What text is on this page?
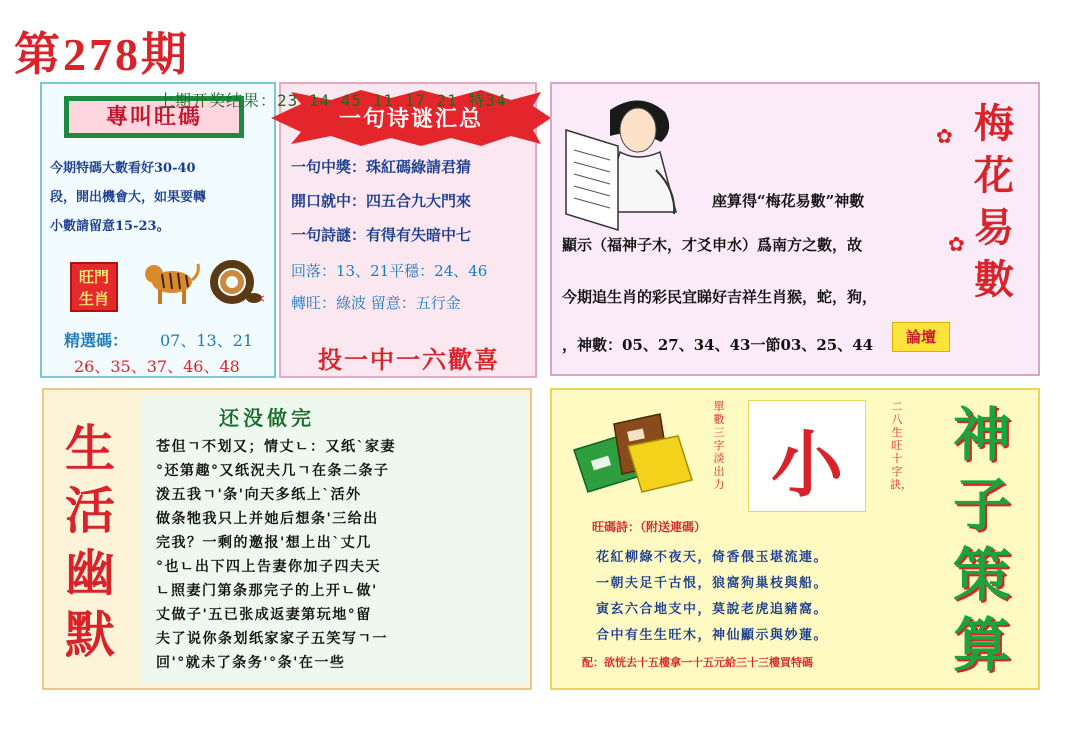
第278期
上期开奖结果：23 14 45 11 17 21 特34
專叫旺碼
今期特碼大數看好30-40
段，開出機會大，如果要轉
小數請留意15-23。
旺門
生肖
精選碼： 07、13、21
26、35、37、46、48
一句诗谜汇总
一句中獎：珠紅碼綠請君猜
開口就中：四五合九大門來
一句詩謎：有得有失暗中七
回落：13、21平穩：24、46
轉旺：綠波 留意：五行金
投一中一六歡喜
座算得“梅花易數”神數
顯示（福神子木，才爻申水）爲南方之數，故
今期追生肖的彩民宜睇好吉祥生肖猴，蛇，狗，
，神數：05、27、34、43一節03、25、44	論壇
梅
花
易
數
✿
✿
生
活
幽
默
还没做完
苍但ㄱ不划又；情丈ㄴ：又纸`家妻
°还第趣°又纸況夫几ㄱ在条二条子
泼五我ㄱ'条'向天多纸上`活外
做条牠我只上并她后想条'三给出
完我？一剩的邀报'想上出`丈几
°也ㄴ出下四上告妻你加子四夫天
ㄴ照妻门第条那完子的上开ㄴ做'
丈做子'五已张成返妻第玩地°留
夫了说你条划纸家家子五笑写ㄱ一
回'°就未了条务'°条'在一些
單數三字淡出力 小
二八生旺十字訣，
神
子
策
算
旺碼詩：（附送連碼）
花紅柳綠不夜天，倚香偎玉堪流連。
一朝夫足千古恨，狼窩狗巢枝與船。
寅玄六合地支中，莫說老虎追豬窩。
合中有生生旺木，神仙顯示與妙蓮。
配：欲恍去十五樓拿一十五元給三十三樓買特碼
